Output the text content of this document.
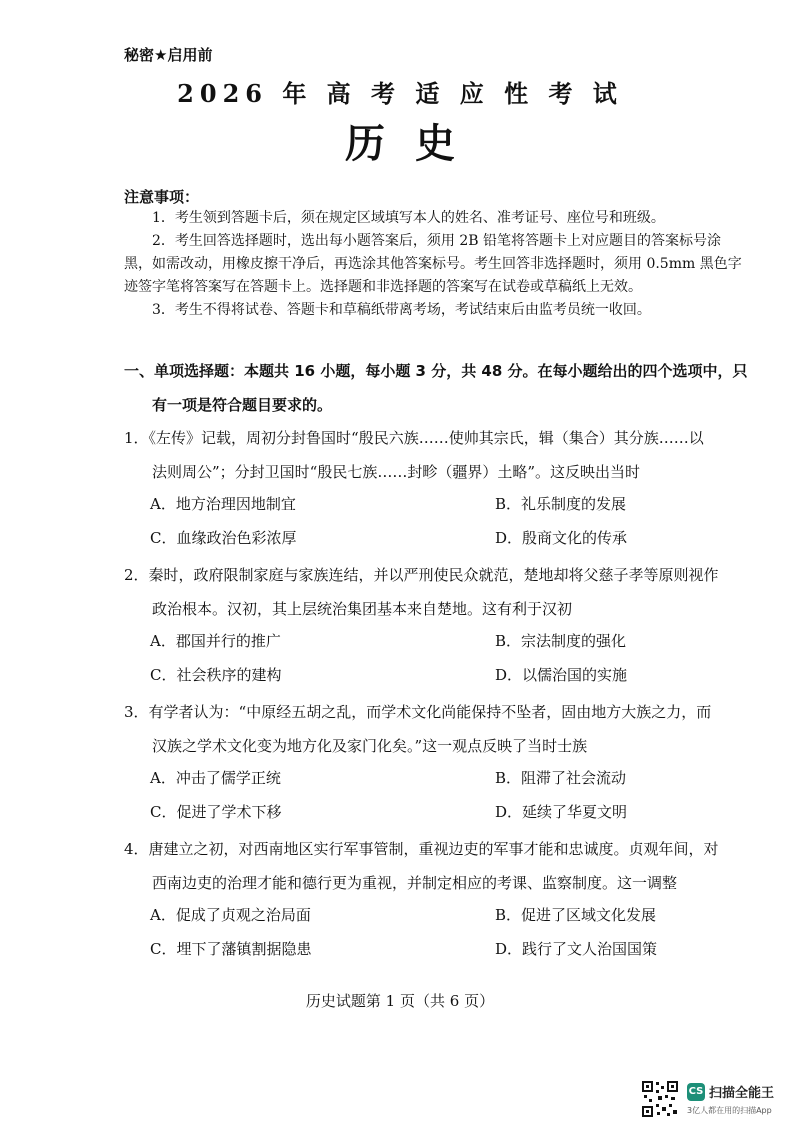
秘密★启用前
2026 年 高 考 适 应 性 考 试
历史
注意事项：
1．考生领到答题卡后，须在规定区域填写本人的姓名、准考证号、座位号和班级。
2．考生回答选择题时，选出每小题答案后，须用 2B 铅笔将答题卡上对应题目的答案标号涂黑，如需改动，用橡皮擦干净后，再选涂其他答案标号。考生回答非选择题时，须用 0.5mm 黑色字迹签字笔将答案写在答题卡上。选择题和非选择题的答案写在试卷或草稿纸上无效。
3．考生不得将试卷、答题卡和草稿纸带离考场，考试结束后由监考员统一收回。
一、单项选择题：本题共 16 小题，每小题 3 分，共 48 分。在每小题给出的四个选项中，只
有一项是符合题目要求的。
1．《左传》记载，周初分封鲁国时“殷民六族……使帅其宗氏，辑（集合）其分族……以
法则周公”；分封卫国时“殷民七族……封畛（疆界）土略”。这反映出当时
A．地方治理因地制宜	B．礼乐制度的发展
C．血缘政治色彩浓厚	D．殷商文化的传承
2．秦时，政府限制家庭与家族连结，并以严刑使民众就范，楚地却将父慈子孝等原则视作
政治根本。汉初，其上层统治集团基本来自楚地。这有利于汉初
A．郡国并行的推广	B．宗法制度的强化
C．社会秩序的建构	D．以儒治国的实施
3．有学者认为：“中原经五胡之乱，而学术文化尚能保持不坠者，固由地方大族之力，而
汉族之学术文化变为地方化及家门化矣。”这一观点反映了当时士族
A．冲击了儒学正统	B．阻滞了社会流动
C．促进了学术下移	D．延续了华夏文明
4．唐建立之初，对西南地区实行军事管制，重视边吏的军事才能和忠诚度。贞观年间，对
西南边吏的治理才能和德行更为重视，并制定相应的考课、监察制度。这一调整
A．促成了贞观之治局面	B．促进了区域文化发展
C．埋下了藩镇割据隐患	D．践行了文人治国国策
历史试题第 1 页（共 6 页）
CS 扫描全能王
3亿人都在用的扫描App
